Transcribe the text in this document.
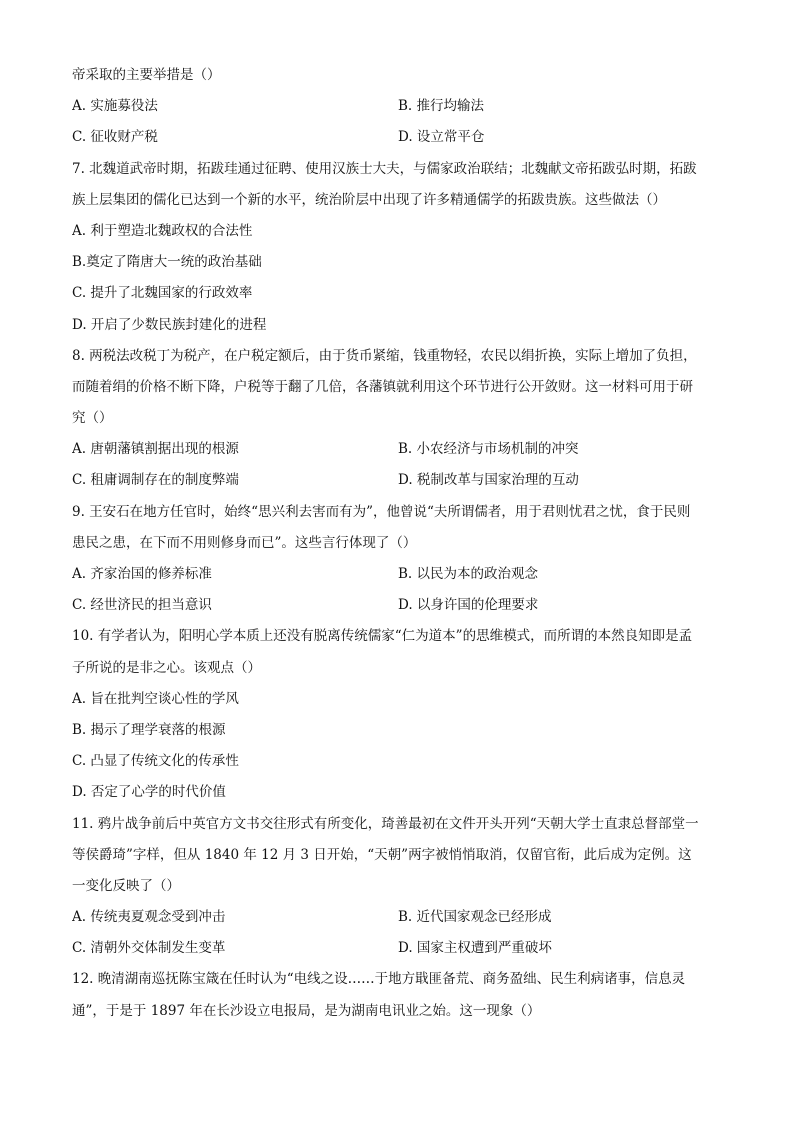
帝采取的主要举措是（）
A. 实施募役法	B. 推行均输法
C. 征收财产税	D. 设立常平仓
7. 北魏道武帝时期，拓跋珪通过征聘、使用汉族士大夫，与儒家政治联结；北魏献文帝拓跋弘时期，拓跋
族上层集团的儒化已达到一个新的水平，统治阶层中出现了许多精通儒学的拓跋贵族。这些做法（）
A. 利于塑造北魏政权的合法性
B.奠定了隋唐大一统的政治基础
C. 提升了北魏国家的行政效率
D. 开启了少数民族封建化的进程
8. 两税法改税丁为税产，在户税定额后，由于货币紧缩，钱重物轻，农民以绢折换，实际上增加了负担，
而随着绢的价格不断下降，户税等于翻了几倍，各藩镇就利用这个环节进行公开敛财。这一材料可用于研
究（）
A. 唐朝藩镇割据出现的根源	B. 小农经济与市场机制的冲突
C. 租庸调制存在的制度弊端	D. 税制改革与国家治理的互动
9. 王安石在地方任官时，始终“思兴利去害而有为”，他曾说“夫所谓儒者，用于君则忧君之忧，食于民则
患民之患，在下而不用则修身而已”。这些言行体现了（）
A. 齐家治国的修养标准	B. 以民为本的政治观念
C. 经世济民的担当意识	D. 以身许国的伦理要求
10. 有学者认为，阳明心学本质上还没有脱离传统儒家“仁为道本”的思维模式，而所谓的本然良知即是孟
子所说的是非之心。该观点（）
A. 旨在批判空谈心性的学风
B. 揭示了理学衰落的根源
C. 凸显了传统文化的传承性
D. 否定了心学的时代价值
11. 鸦片战争前后中英官方文书交往形式有所变化，琦善最初在文件开头开列“天朝大学士直隶总督部堂一
等侯爵琦”字样，但从 1840 年 12 月 3 日开始，“天朝”两字被悄悄取消，仅留官衔，此后成为定例。这
一变化反映了（）
A. 传统夷夏观念受到冲击	B. 近代国家观念已经形成
C. 清朝外交体制发生变革	D. 国家主权遭到严重破坏
12. 晚清湖南巡抚陈宝箴在任时认为“电线之设……于地方戢匪备荒、商务盈绌、民生利病诸事，信息灵
通”，于是于 1897 年在长沙设立电报局，是为湖南电讯业之始。这一现象（）
